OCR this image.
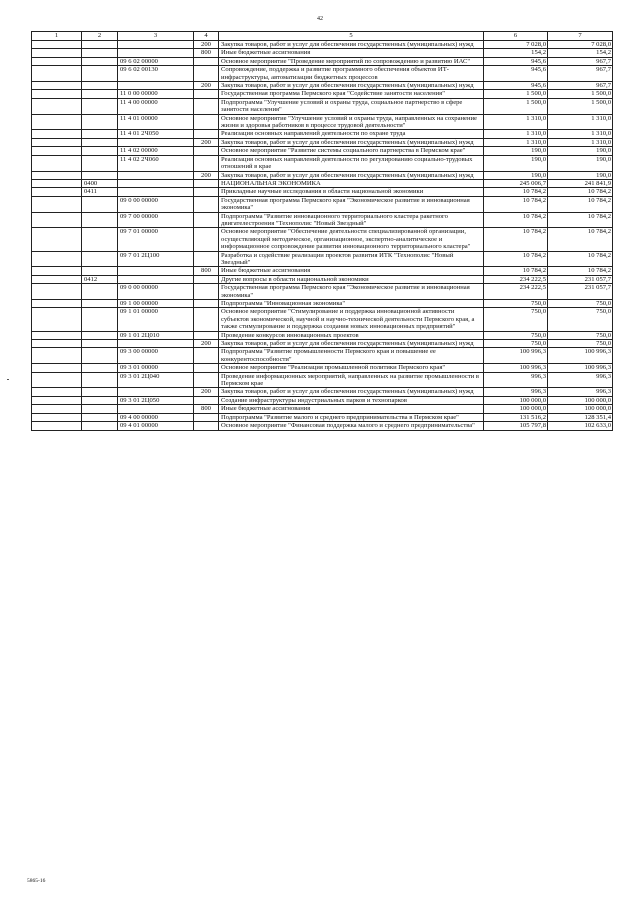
42
1	2	3	4	5	6	7
			200	Закупка товаров, работ и услуг для обеспечения государственных (муниципальных) нужд	7 028,0	7 028,0
			800	Иные бюджетные ассигнования	154,2	154,2
		09 6 02 00000		Основное мероприятие "Проведение мероприятий по сопровождению и развитию ИАС"	945,6	967,7
		09 6 02 00130		Сопровождение, поддержка и развитие программного обеспечения объектов ИТ-инфраструктуры, автоматизации бюджетных процессов	945,6	967,7
			200	Закупка товаров, работ и услуг для обеспечения государственных (муниципальных) нужд	945,6	967,7
		11 0 00 00000		Государственная программа Пермского края "Содействие занятости населения"	1 500,0	1 500,0
		11 4 00 00000		Подпрограмма "Улучшение условий и охраны труда, социальное партнерство в сфере занятости населения"	1 500,0	1 500,0
		11 4 01 00000		Основное мероприятие "Улучшение условий и охраны труда, направленных на сохранение жизни и здоровья работников в процессе трудовой деятельности"	1 310,0	1 310,0
		11 4 01 2Ч050		Реализация основных направлений деятельности по охране труда	1 310,0	1 310,0
			200	Закупка товаров, работ и услуг для обеспечения государственных (муниципальных) нужд	1 310,0	1 310,0
		11 4 02 00000		Основное мероприятие "Развитие системы социального партнерства в Пермском крае"	190,0	190,0
		11 4 02 2Ч060		Реализация основных направлений деятельности по регулированию социально-трудовых отношений в крае	190,0	190,0
			200	Закупка товаров, работ и услуг для обеспечения государственных (муниципальных) нужд	190,0	190,0
	0400			НАЦИОНАЛЬНАЯ ЭКОНОМИКА	245 006,7	241 841,9
	0411			Прикладные научные исследования в области национальной экономики	10 784,2	10 784,2
		09 0 00 00000		Государственная программа Пермского края "Экономическое развитие и инновационная экономика"	10 784,2	10 784,2
		09 7 00 00000		Подпрограмма "Развитие инновационного территориального кластера ракетного двигателестроения "Технополис "Новый Звездный"	10 784,2	10 784,2
		09 7 01 00000		Основное мероприятие "Обеспечение деятельности специализированной организации, осуществляющей методическое, организационное, экспертно-аналитическое и информационное сопровождение развития инновационного территориального кластера"	10 784,2	10 784,2
		09 7 01 2Ц100		Разработка и содействие реализации проектов развития ИТК "Технополис "Новый Звездный"	10 784,2	10 784,2
			800	Иные бюджетные ассигнования	10 784,2	10 784,2
	0412			Другие вопросы в области национальной экономики	234 222,5	231 057,7
		09 0 00 00000		Государственная программа Пермского края "Экономическое развитие и инновационная экономика"	234 222,5	231 057,7
		09 1 00 00000		Подпрограмма "Инновационная экономика"	750,0	750,0
		09 1 01 00000		Основное мероприятие "Стимулирование и поддержка инновационной активности субъектов экономической, научной и научно-технической деятельности Пермского края, а также стимулирование и поддержка создания новых инновационных предприятий"	750,0	750,0
		09 1 01 2Ц010		Проведение конкурсов инновационных проектов	750,0	750,0
			200	Закупка товаров, работ и услуг для обеспечения государственных (муниципальных) нужд	750,0	750,0
		09 3 00 00000		Подпрограмма "Развитие промышленности Пермского края и повышение ее конкурентоспособности"	100 996,3	100 996,3
		09 3 01 00000		Основное мероприятие "Реализация промышленной политики Пермского края"	100 996,3	100 996,3
		09 3 01 2Ц040		Проведение информационных мероприятий, направленных на развитие промышленности в Пермском крае	996,3	996,3
			200	Закупка товаров, работ и услуг для обеспечения государственных (муниципальных) нужд	996,3	996,3
		09 3 01 2Ц050		Создание инфраструктуры индустриальных парков и технопарков	100 000,0	100 000,0
			800	Иные бюджетные ассигнования	100 000,0	100 000,0
		09 4 00 00000		Подпрограмма "Развитие малого и среднего предпринимательства в Пермском крае"	131 516,2	128 351,4
		09 4 01 00000		Основное мероприятие "Финансовая поддержка малого и среднего предпринимательства"	105 797,8	102 633,0
5865-16
